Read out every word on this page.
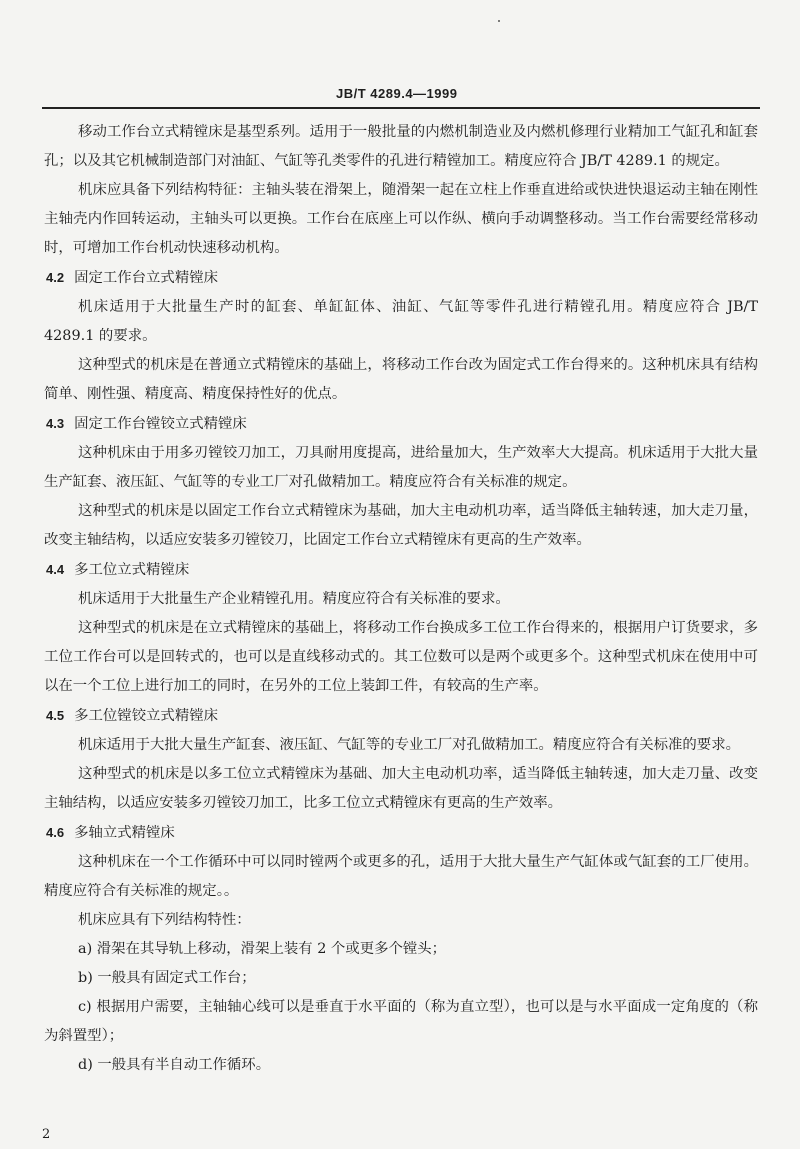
JB/T 4289.4—1999

移动工作台立式精镗床是基型系列。适用于一般批量的内燃机制造业及内燃机修理行业精加工气缸孔和缸套孔；以及其它机械制造部门对油缸、气缸等孔类零件的孔进行精镗加工。精度应符合 JB/T 4289.1 的规定。

机床应具备下列结构特征：主轴头装在滑架上，随滑架一起在立柱上作垂直进给或快进快退运动主轴在刚性主轴壳内作回转运动，主轴头可以更换。工作台在底座上可以作纵、横向手动调整移动。当工作台需要经常移动时，可增加工作台机动快速移动机构。

4.2 固定工作台立式精镗床

机床适用于大批量生产时的缸套、单缸缸体、油缸、气缸等零件孔进行精镗孔用。精度应符合 JB/T 4289.1 的要求。

这种型式的机床是在普通立式精镗床的基础上，将移动工作台改为固定式工作台得来的。这种机床具有结构简单、刚性强、精度高、精度保持性好的优点。

4.3 固定工作台镗铰立式精镗床

这种机床由于用多刃镗铰刀加工，刀具耐用度提高，进给量加大，生产效率大大提高。机床适用于大批大量生产缸套、液压缸、气缸等的专业工厂对孔做精加工。精度应符合有关标准的规定。

这种型式的机床是以固定工作台立式精镗床为基础，加大主电动机功率，适当降低主轴转速，加大走刀量，改变主轴结构，以适应安装多刃镗铰刀，比固定工作台立式精镗床有更高的生产效率。

4.4 多工位立式精镗床

机床适用于大批量生产企业精镗孔用。精度应符合有关标准的要求。

这种型式的机床是在立式精镗床的基础上，将移动工作台换成多工位工作台得来的，根据用户订货要求，多工位工作台可以是回转式的，也可以是直线移动式的。其工位数可以是两个或更多个。这种型式机床在使用中可以在一个工位上进行加工的同时，在另外的工位上装卸工件，有较高的生产率。

4.5 多工位镗铰立式精镗床

机床适用于大批大量生产缸套、液压缸、气缸等的专业工厂对孔做精加工。精度应符合有关标准的要求。

这种型式的机床是以多工位立式精镗床为基础、加大主电动机功率，适当降低主轴转速，加大走刀量、改变主轴结构，以适应安装多刃镗铰刀加工，比多工位立式精镗床有更高的生产效率。

4.6 多轴立式精镗床

这种机床在一个工作循环中可以同时镗两个或更多的孔，适用于大批大量生产气缸体或气缸套的工厂使用。精度应符合有关标准的规定。。

机床应具有下列结构特性：

a) 滑架在其导轨上移动，滑架上装有 2 个或更多个镗头；

b) 一般具有固定式工作台；

c) 根据用户需要，主轴轴心线可以是垂直于水平面的（称为直立型），也可以是与水平面成一定角度的（称为斜置型）；

d) 一般具有半自动工作循环。

2
